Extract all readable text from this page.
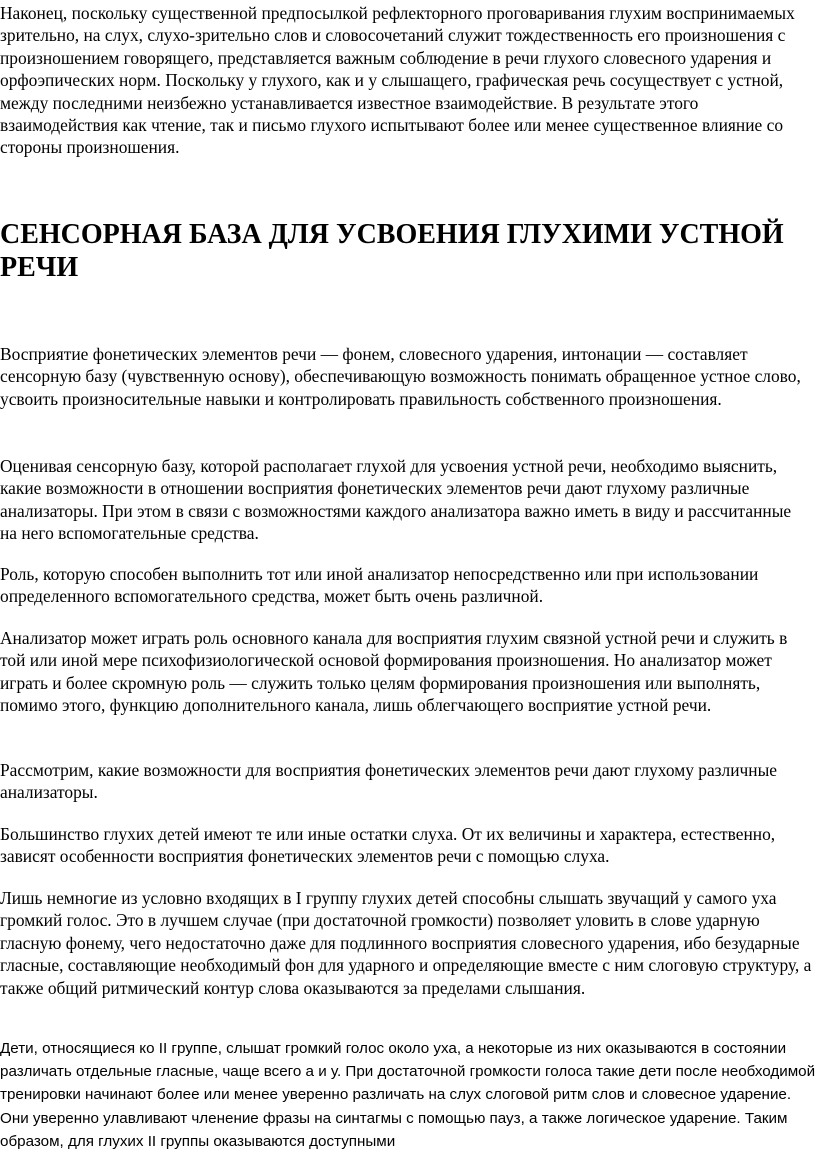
Наконец, поскольку существенной предпосылкой рефлекторного проговаривания глухим воспринимаемых зрительно, на слух, слухо-зрительно слов и словосочетаний служит тождественность его произношения с произношением говорящего, представляется важным соблюдение в речи глухого словесного ударения и орфоэпических норм. Поскольку у глухого, как и у слышащего, графическая речь сосуществует с устной, между последними неизбежно устанавливается известное взаимодействие. В результате этого взаимодействия как чтение, так и письмо глухого испытывают более или менее существенное влияние со стороны произношения.

СЕНСОРНАЯ БАЗА ДЛЯ УСВОЕНИЯ ГЛУХИМИ УСТНОЙ РЕЧИ

Восприятие фонетических элементов речи — фонем, словесного ударения, интонации — составляет сенсорную базу (чувственную основу), обеспечивающую возможность понимать обращенное устное слово, усвоить произносительные навыки и контролировать правильность собственного произношения.

Оценивая сенсорную базу, которой располагает глухой для усвоения устной речи, необходимо выяснить, какие возможности в отношении восприятия фонетических элементов речи дают глухому различные анализаторы. При этом в связи с возможностями каждого анализатора важно иметь в виду и рассчитанные на него вспомогательные средства.

Роль, которую способен выполнить тот или иной анализатор непосредственно или при использовании определенного вспомогательного средства, может быть очень различной.

Анализатор может играть роль основного канала для восприятия глухим связной устной речи и служить в той или иной мере психофизиологической основой формирования произношения. Но анализатор может играть и более скромную роль — служить только целям формирования произношения или выполнять, помимо этого, функцию дополнительного канала, лишь облегчающего восприятие устной речи.

Рассмотрим, какие возможности для восприятия фонетических элементов речи дают глухому различные анализаторы.

Большинство глухих детей имеют те или иные остатки слуха. От их величины и характера, естественно, зависят особенности восприятия фонетических элементов речи с помощью слуха.

Лишь немногие из условно входящих в I группу глухих детей способны слышать звучащий у самого уха громкий голос. Это в лучшем случае (при достаточной громкости) позволяет уловить в слове ударную гласную фонему, чего недостаточно даже для подлинного восприятия словесного ударения, ибо безударные гласные, составляющие необходимый фон для ударного и определяющие вместе с ним слоговую структуру, а также общий ритмический контур слова оказываются за пределами слышания.

Дети, относящиеся ко II группе, слышат громкий голос около уха, а некоторые из них оказываются в состоянии различать отдельные гласные, чаще всего а и у. При достаточной громкости голоса такие дети после необходимой тренировки начинают более или менее уверенно различать на слух слоговой ритм слов и словесное ударение. Они уверенно улавливают членение фразы на синтагмы с помощью пауз, а также логическое ударение. Таким образом, для глухих II группы оказываются доступными
